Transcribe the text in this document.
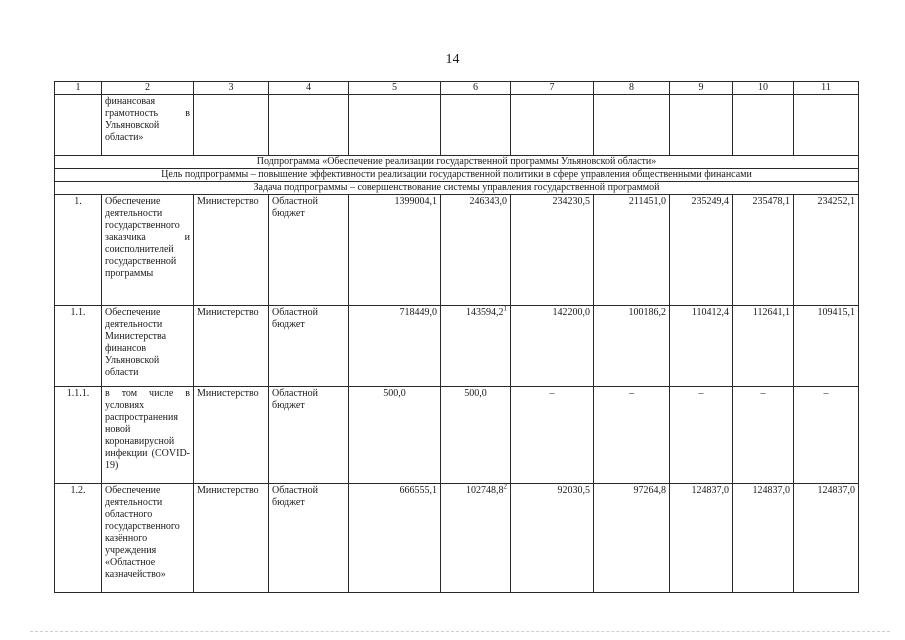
14
1	2	3	4	5	6	7	8	9	10	11
	финансовая грамотность в Ульяновской области»									
Подпрограмма «Обеспечение реализации государственной программы Ульяновской области»										
Цель подпрограммы – повышение эффективности реализации государственной политики в сфере управления общественными финансами										
Задача подпрограммы – совершенствование системы управления государственной программой										
1.	Обеспечение деятельности государственного заказчика и соисполнителей государственной программы	Министерство	Областной бюджет	1399004,1	246343,0	234230,5	211451,0	235249,4	235478,1	234252,1
1.1.	Обеспечение деятельности Министерства финансов Ульяновской области	Министерство	Областной бюджет	718449,0	143594,2$^1$	142200,0	100186,2	110412,4	112641,1	109415,1
1.1.1.	в том числе в условиях распространения новой коронавирусной инфекции (COVID-19)	Министерство	Областной бюджет	500,0	500,0	–	–	–	–	–
1.2.	Обеспечение деятельности областного государственного казённого учреждения «Областное казначейство»	Министерство	Областной бюджет	666555,1	102748,8$^2$	92030,5	97264,8	124837,0	124837,0	124837,0
